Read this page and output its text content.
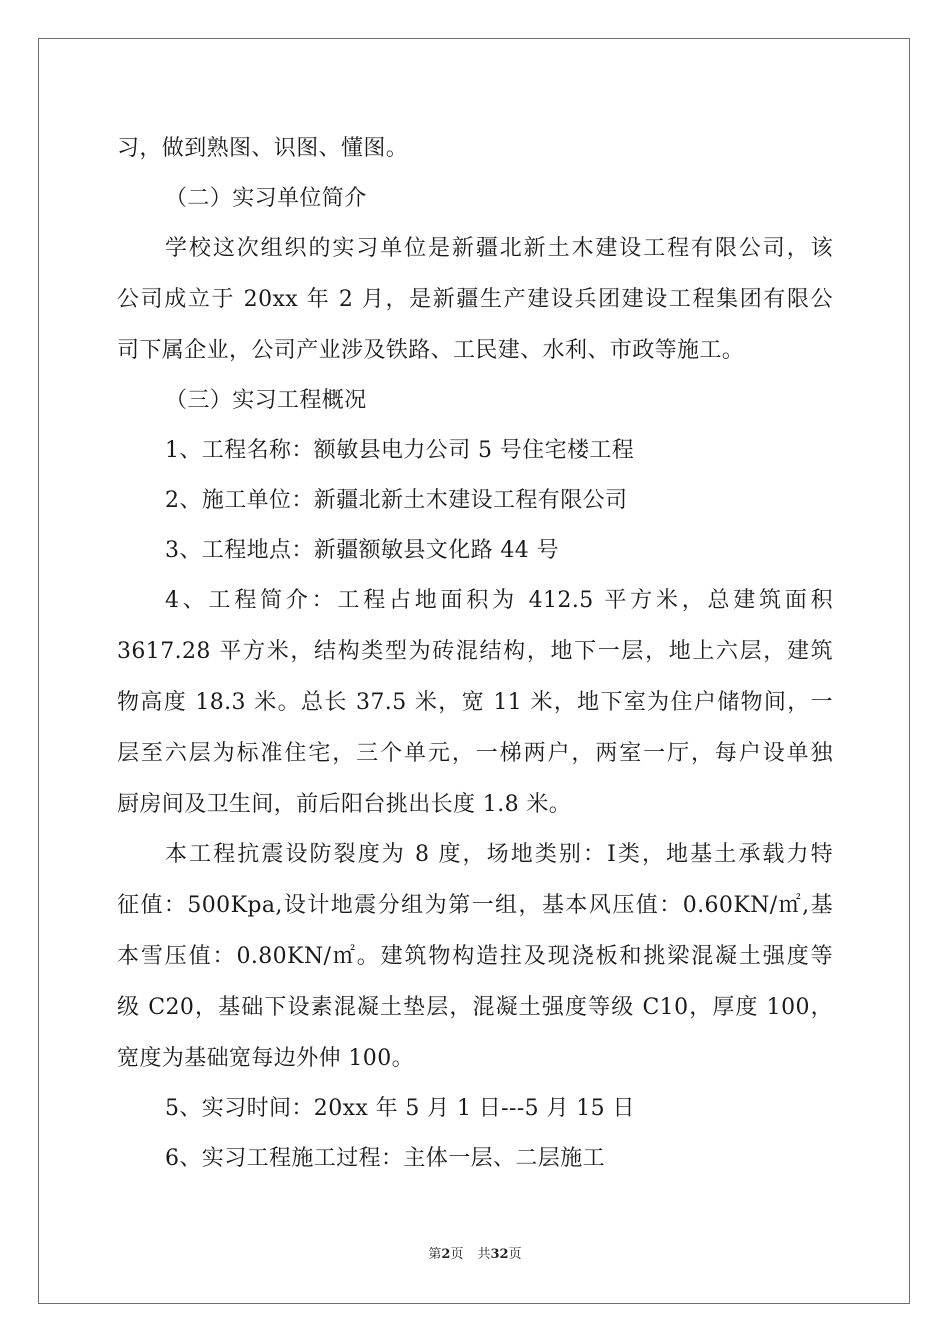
习，做到熟图、识图、懂图。
（二）实习单位简介
学校这次组织的实习单位是新疆北新土木建设工程有限公司，该
公司成立于 20xx 年 2 月，是新疆生产建设兵团建设工程集团有限公
司下属企业，公司产业涉及铁路、工民建、水利、市政等施工。
（三）实习工程概况
1、工程名称：额敏县电力公司 5 号住宅楼工程
2、施工单位：新疆北新土木建设工程有限公司
3、工程地点：新疆额敏县文化路 44 号
4、工程简介：工程占地面积为 412.5 平方米，总建筑面积
3617.28 平方米，结构类型为砖混结构，地下一层，地上六层，建筑
物高度 18.3 米。总长 37.5 米，宽 11 米，地下室为住户储物间，一
层至六层为标准住宅，三个单元，一梯两户，两室一厅，每户设单独
厨房间及卫生间，前后阳台挑出长度 1.8 米。
本工程抗震设防裂度为 8 度，场地类别：Ⅰ类，地基土承载力特
征值：500Kpa,设计地震分组为第一组，基本风压值：0.60KN/㎡,基
本雪压值：0.80KN/㎡。建筑物构造拄及现浇板和挑梁混凝土强度等
级 C20，基础下设素混凝土垫层，混凝土强度等级 C10，厚度 100，
宽度为基础宽每边外伸 100。
5、实习时间：20xx 年 5 月 1 日---5 月 15 日
6、实习工程施工过程：主体一层、二层施工
第2页 共32页
